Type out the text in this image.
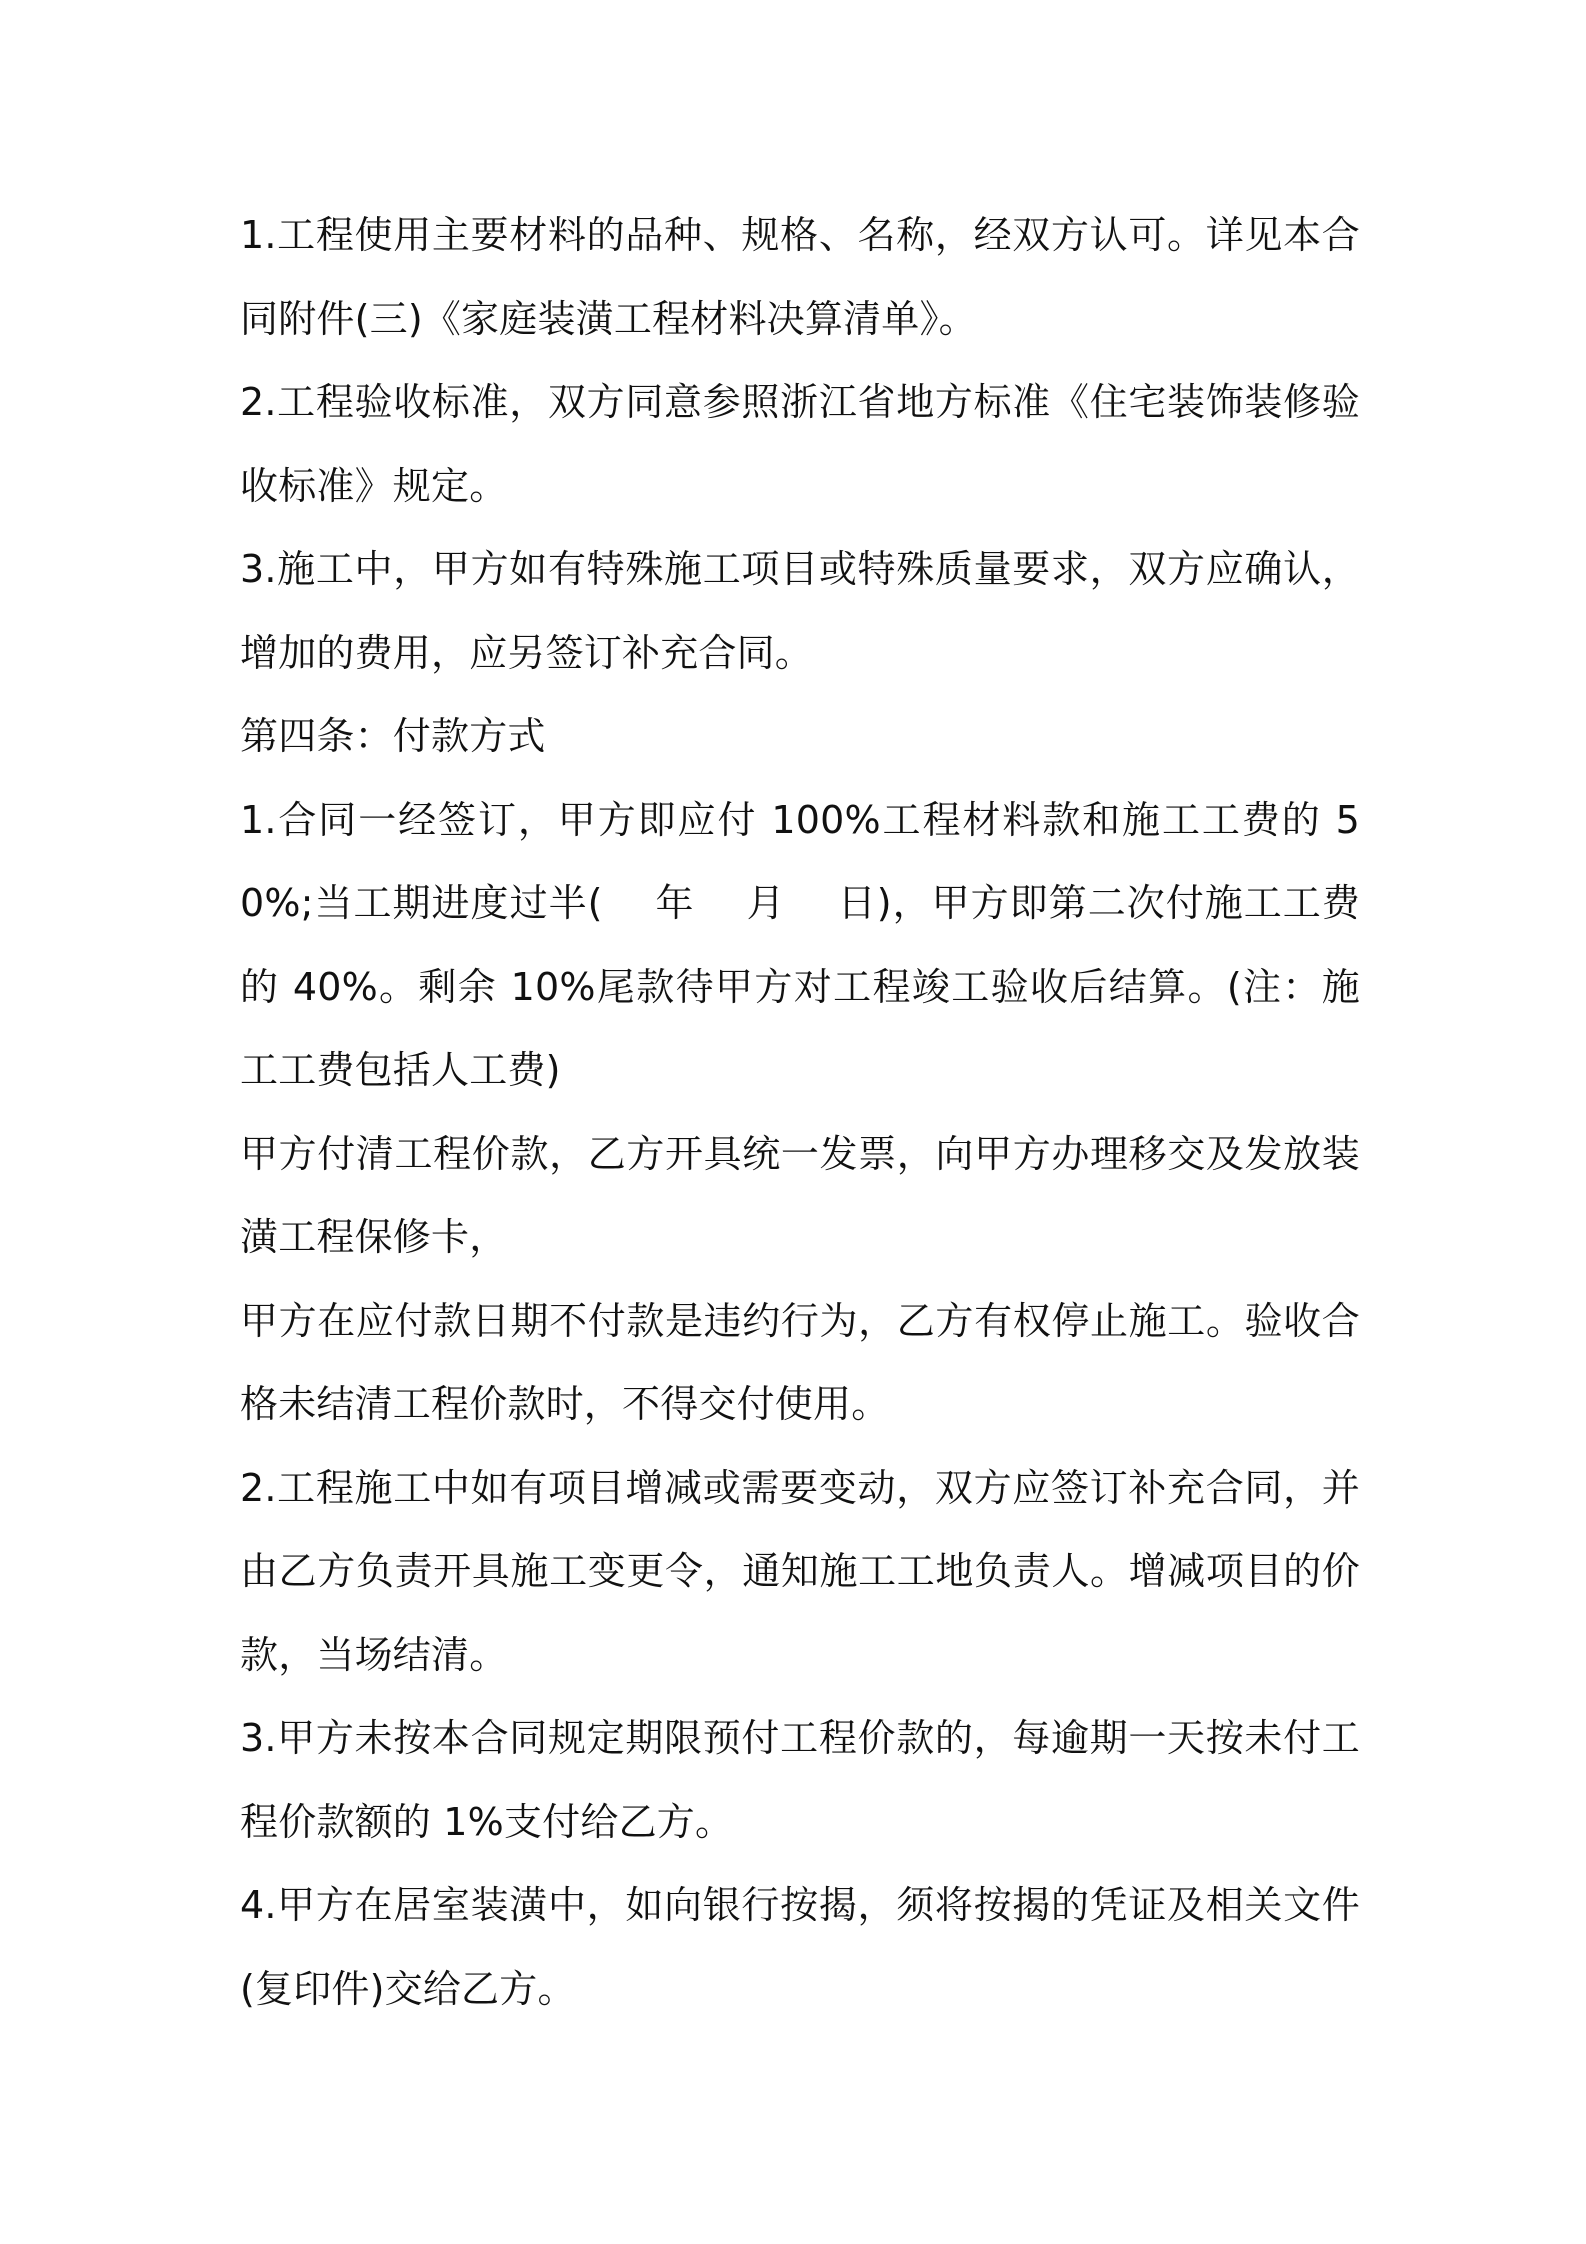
1.工程使用主要材料的品种、规格、名称，经双方认可。详见本合同附件(三)《家庭装潢工程材料决算清单》。

2.工程验收标准，双方同意参照浙江省地方标准《住宅装饰装修验收标准》规定。

3.施工中，甲方如有特殊施工项目或特殊质量要求，双方应确认，增加的费用，应另签订补充合同。

第四条：付款方式

1.合同一经签订，甲方即应付 100%工程材料款和施工工费的 50%;当工期进度过半(　 年　 月　 日)，甲方即第二次付施工工费的 40%。剩余 10%尾款待甲方对工程竣工验收后结算。(注：施工工费包括人工费)

甲方付清工程价款，乙方开具统一发票，向甲方办理移交及发放装潢工程保修卡，

甲方在应付款日期不付款是违约行为，乙方有权停止施工。验收合格未结清工程价款时，不得交付使用。

2.工程施工中如有项目增减或需要变动，双方应签订补充合同，并由乙方负责开具施工变更令，通知施工工地负责人。增减项目的价款，当场结清。

3.甲方未按本合同规定期限预付工程价款的，每逾期一天按未付工程价款额的 1%支付给乙方。

4.甲方在居室装潢中，如向银行按揭，须将按揭的凭证及相关文件(复印件)交给乙方。
